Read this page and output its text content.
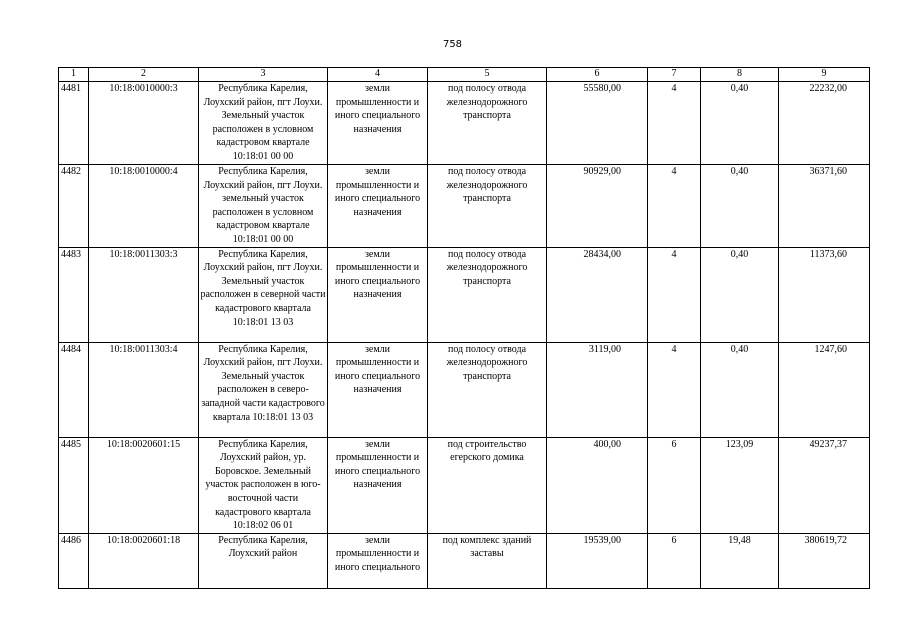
758
1	2	3	4	5	6	7	8	9
4481	10:18:0010000:3	Республика Карелия, Лоухский район, пгт Лоухи. Земельный участок расположен в условном кадастровом квартале 10:18:01 00 00	земли промышленности и иного специального назначения	под полосу отвода железнодорожного транспорта	55580,00	4	0,40	22232,00
4482	10:18:0010000:4	Республика Карелия, Лоухский район, пгт Лоухи. земельный участок расположен в условном кадастровом квартале 10:18:01 00 00	земли промышленности и иного специального назначения	под полосу отвода железнодорожного транспорта	90929,00	4	0,40	36371,60
4483	10:18:0011303:3	Республика Карелия, Лоухский район, пгт Лоухи. Земельный участок расположен в северной части кадастрового квартала 10:18:01 13 03	земли промышленности и иного специального назначения	под полосу отвода железнодорожного транспорта	28434,00	4	0,40	11373,60
4484	10:18:0011303:4	Республика Карелия, Лоухский район, пгт Лоухи. Земельный участок расположен в северо-западной части кадастрового квартала 10:18:01 13 03	земли промышленности и иного специального назначения	под полосу отвода железнодорожного транспорта	3119,00	4	0,40	1247,60
4485	10:18:0020601:15	Республика Карелия, Лоухский район, ур. Боровское. Земельный участок расположен в юго-восточной части кадастрового квартала 10:18:02 06 01	земли промышленности и иного специального назначения	под строительство егерского домика	400,00	6	123,09	49237,37
4486	10:18:0020601:18	Республика Карелия, Лоухский район	земли промышленности и иного специального	под комплекс зданий заставы	19539,00	6	19,48	380619,72
